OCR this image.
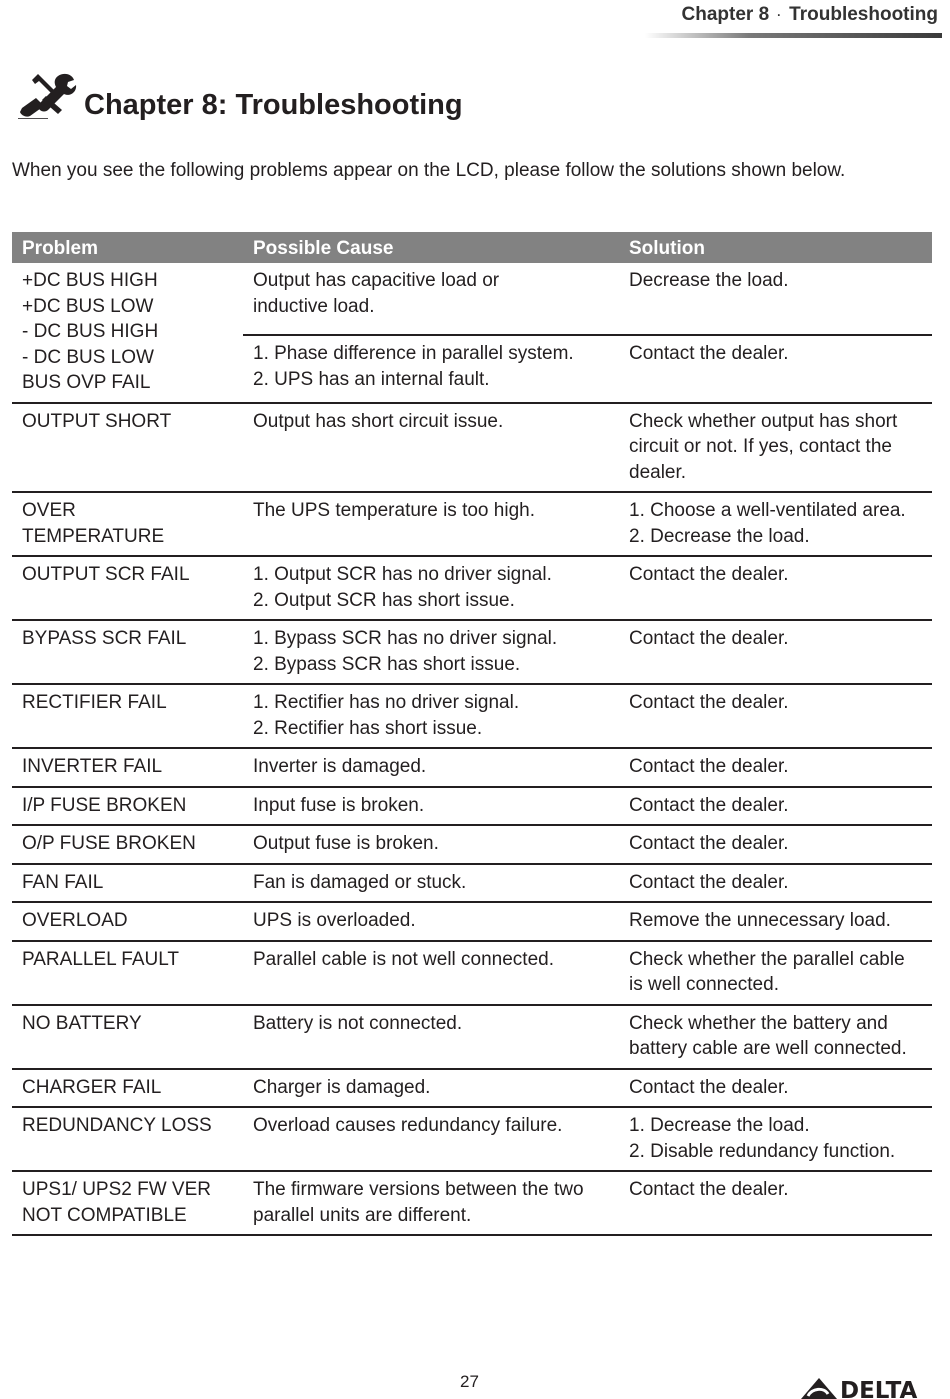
Chapter 8 · Troubleshooting
Chapter 8: Troubleshooting
When you see the following problems appear on the LCD, please follow the solutions shown below.
Problem	Possible Cause	Solution

+DC BUS HIGH
+DC BUS LOW
- DC BUS HIGH
- DC BUS LOW
BUS OVP FAIL	Output has capacitive load or
inductive load.	Decrease the load.

	1. Phase difference in parallel system.
2. UPS has an internal fault.	Contact the dealer.

OUTPUT SHORT	Output has short circuit issue.	Check whether output has short
circuit or not. If yes, contact the
dealer.

OVER
TEMPERATURE	The UPS temperature is too high.	1. Choose a well-ventilated area.
2. Decrease the load.

OUTPUT SCR FAIL	1. Output SCR has no driver signal.
2. Output SCR has short issue.	Contact the dealer.

BYPASS SCR FAIL	1. Bypass SCR has no driver signal.
2. Bypass SCR has short issue.	Contact the dealer.

RECTIFIER FAIL	1. Rectifier has no driver signal.
2. Rectifier has short issue.	Contact the dealer.

INVERTER FAIL	Inverter is damaged.	Contact the dealer.

I/P FUSE BROKEN	Input fuse is broken.	Contact the dealer.

O/P FUSE BROKEN	Output fuse is broken.	Contact the dealer.

FAN FAIL	Fan is damaged or stuck.	Contact the dealer.

OVERLOAD	UPS is overloaded.	Remove the unnecessary load.

PARALLEL FAULT	Parallel cable is not well connected.	Check whether the parallel cable
is well connected.

NO BATTERY	Battery is not connected.	Check whether the battery and
battery cable are well connected.

CHARGER FAIL	Charger is damaged.	Contact the dealer.

REDUNDANCY LOSS	Overload causes redundancy failure.	1. Decrease the load.
2. Disable redundancy function.

UPS1/ UPS2 FW VER
NOT COMPATIBLE	The firmware versions between the two
parallel units are different.	Contact the dealer.
27	DELTA
